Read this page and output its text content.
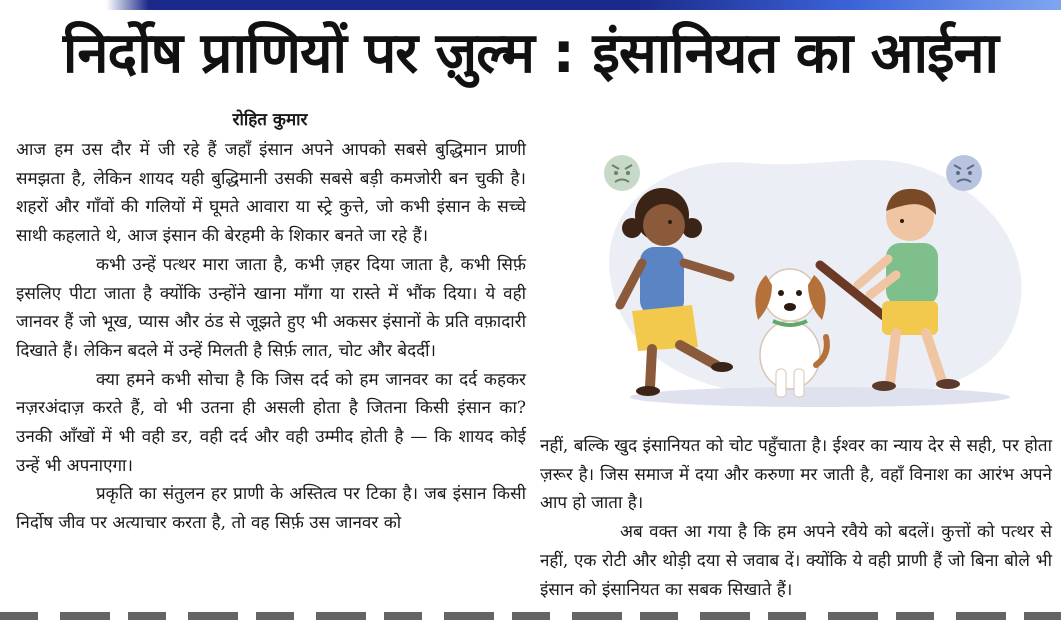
निर्दोष प्राणियों पर ज़ुल्म : इंसानियत का आईना
रोहित कुमार

आज हम उस दौर में जी रहे हैं जहाँ इंसान अपने आपको सबसे बुद्धिमान प्राणी समझता है, लेकिन शायद यही बुद्धिमानी उसकी सबसे बड़ी कमजोरी बन चुकी है। शहरों और गाँवों की गलियों में घूमते आवारा या स्ट्रे कुत्ते, जो कभी इंसान के सच्चे साथी कहलाते थे, आज इंसान की बेरहमी के शिकार बनते जा रहे हैं।

कभी उन्हें पत्थर मारा जाता है, कभी ज़हर दिया जाता है, कभी सिर्फ़ इसलिए पीटा जाता है क्योंकि उन्होंने खाना माँगा या रास्ते में भौंक दिया। ये वही जानवर हैं जो भूख, प्यास और ठंड से जूझते हुए भी अकसर इंसानों के प्रति वफ़ादारी दिखाते हैं। लेकिन बदले में उन्हें मिलती है सिर्फ़ लात, चोट और बेदर्दी।

क्या हमने कभी सोचा है कि जिस दर्द को हम जानवर का दर्द कहकर नज़रअंदाज़ करते हैं, वो भी उतना ही असली होता है जितना किसी इंसान का? उनकी आँखों में भी वही डर, वही दर्द और वही उम्मीद होती है — कि शायद कोई उन्हें भी अपनाएगा।

प्रकृति का संतुलन हर प्राणी के अस्तित्व पर टिका है। जब इंसान किसी निर्दोष जीव पर अत्याचार करता है, तो वह सिर्फ़ उस जानवर को

नहीं, बल्कि खुद इंसानियत को चोट पहुँचाता है। ईश्वर का न्याय देर से सही, पर होता ज़रूर है। जिस समाज में दया और करुणा मर जाती है, वहाँ विनाश का आरंभ अपने आप हो जाता है।

अब वक्त आ गया है कि हम अपने रवैये को बदलें। कुत्तों को पत्थर से नहीं, एक रोटी और थोड़ी दया से जवाब दें। क्योंकि ये वही प्राणी हैं जो बिना बोले भी इंसान को इंसानियत का सबक सिखाते हैं।
